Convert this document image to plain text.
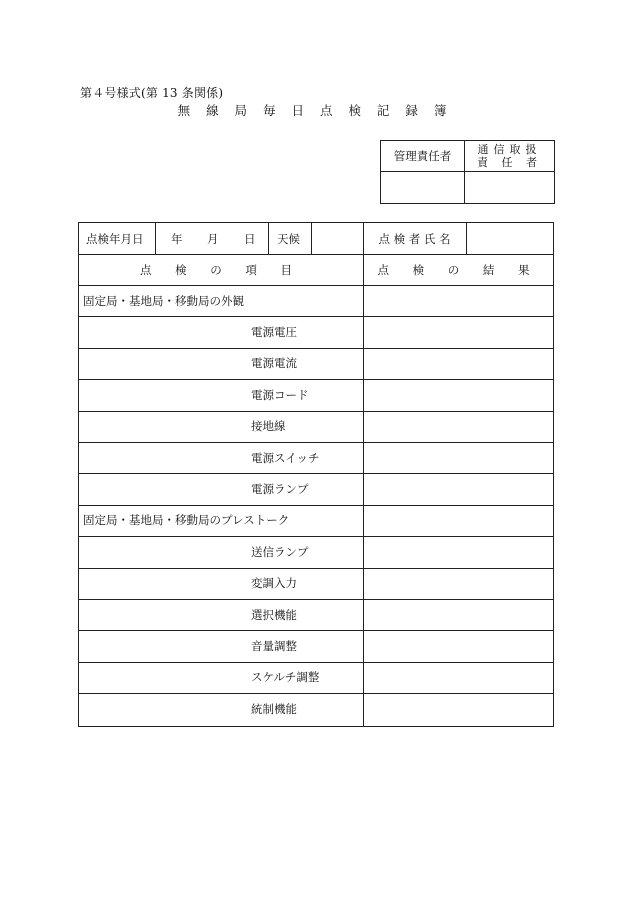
第４号様式(第 13 条関係)
無 線 局 毎 日 点 検 記 録 簿
管理責任者	通信取扱
責 任 者
点検年月日 年 月 日 天候	点 検 者 氏 名
点 検 の 項 目	点 検 の 結 果
固定局・基地局・移動局の外観
電源電圧
電源電流
電源コード
接地線
電源スイッチ
電源ランプ
固定局・基地局・移動局のプレストーク
送信ランプ
変調入力
選択機能
音量調整
スケルチ調整
統制機能
